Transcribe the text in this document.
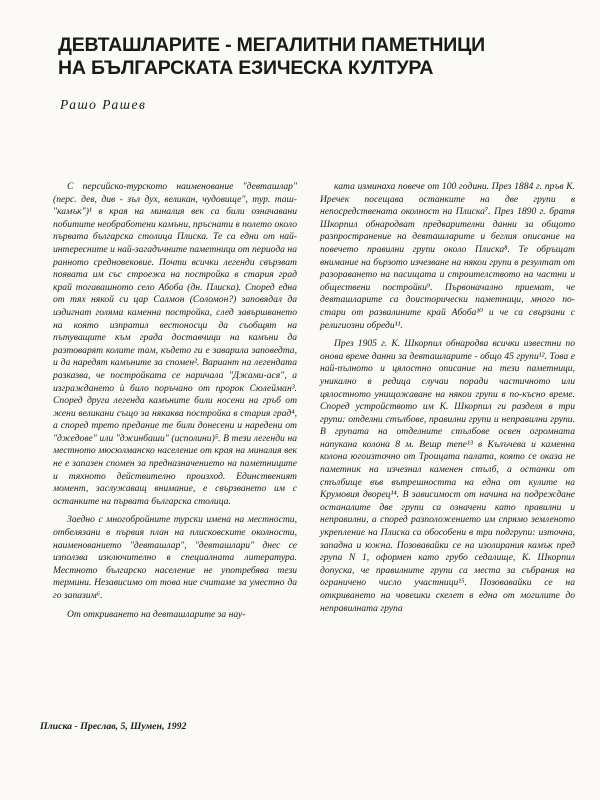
ДЕВТАШЛАРИТЕ - МЕГАЛИТНИ ПАМЕТНИЦИ
НА БЪЛГАРСКАТА ЕЗИЧЕСКА КУЛТУРА
Рашо Рашев

С персийско-турското наименование "девташлар" (перс. дев, див - зъл дух, великан, чудовище", тур. таш-"камък")¹ в края на миналия век са били означавани побитите необработени камъни, пръснати в полето около първата българска столица Плиска. Те са едни от най-интересните и най-загадъчните паметници от периода на ранното средновековие. Почти всички легенди свързват появата им със строежа на постройка в стария град край тогавашното село Абоба (дн. Плиска). Според една от тях някой си цар Салмон (Соломон?) заповядал да издигнат голяма каменна постройка, след завършването на която изпратил вестоносци да съобщят на пътуващите към града доставчици на камъни да разтоварят колите там, където ги е заварила заповедта, и да наредят камъните за спомен². Вариант на легендата разказва, че постройката се наричала "Джами-ася", а изграждането ѝ било поръчано от пророк Сюлейман³. Според друга легенда камъните били носени на гръб от жени великани също за някаква постройка в стария град⁴, а според трето предание те били донесени и наредени от "джедове" или "джинбаши" (исполини)⁵. В тези легенди на местното мюсюлманско население от края на миналия век не е запазен спомен за предназначението на паметниците и тяхното действително произход. Единственият момент, заслужаващ внимание, е свързването им с останките на първата българска столица.

Заедно с многобройните турски имена на местности, отбелязани в първия план на плисковските околности, наименованието "девташлар", "девташлари" днес се използва изключително в специалната литература. Местното българско население не употребява тези термини. Независимо от това ние считаме за уместно да го запазим⁶.

От откриването на девташларите за нау-

ката изминаха повече от 100 години. През 1884 г. пръв К. Иречек посещава останките на две групи в непосредствената околност на Плиска⁷. През 1890 г. братя Шкорпил обнародват предварителни данни за общото разпространение на девташларите и беглия описание на повечето правилни групи около Плиска⁸. Те обръщат внимание на бързото изчезване на някои групи в резултат от разораването на пасищата и строителството на частни и обществени постройки⁹. Първоначално приемат, че девташларите са доисторически паметници, много по-стари от развалините край Абоба¹⁰ и че са свързани с религиозни обреди¹¹.

През 1905 г. К. Шкорпил обнародва всички известни по онова време данни за девташларите - общо 45 групи¹². Това е най-пълното и цялостно описание на тези паметници, уникално в редица случаи поради частичното или цялостното унищожаване на някои групи в по-късно време. Според устройството им К. Шкорпил ги разделя в три групи: отделни стълбове, правилни групи и неправилни групи. В групата на отделните стълбове освен огромната напукана колона 8 м. Вешр тепе¹³ в Кълъчева и каменна колона югоизточно от Троицата палата, която се оказа не паметник на изчезнал каменен стълб, а останки от стълбище във вътрешността на една от кулите на Крумовия дворец¹⁴. В зависимост от начина на подреждане останалите две групи са означени като правилни и неправилни, а според разположението им спрямо земленото укрепление на Плиска са обособени в три подгрупи: източна, западна и южна. Позовавайки се на изолирания камък пред група N 1, оформен като грубо седалище, К. Шкорпил допуска, че правилните групи са места за събрания на ограничено число участници¹⁵. Позовавайки се на откриването на човешки скелет в една от могилите до неправилната група

Плиска - Преслав, 5, Шумен, 1992
